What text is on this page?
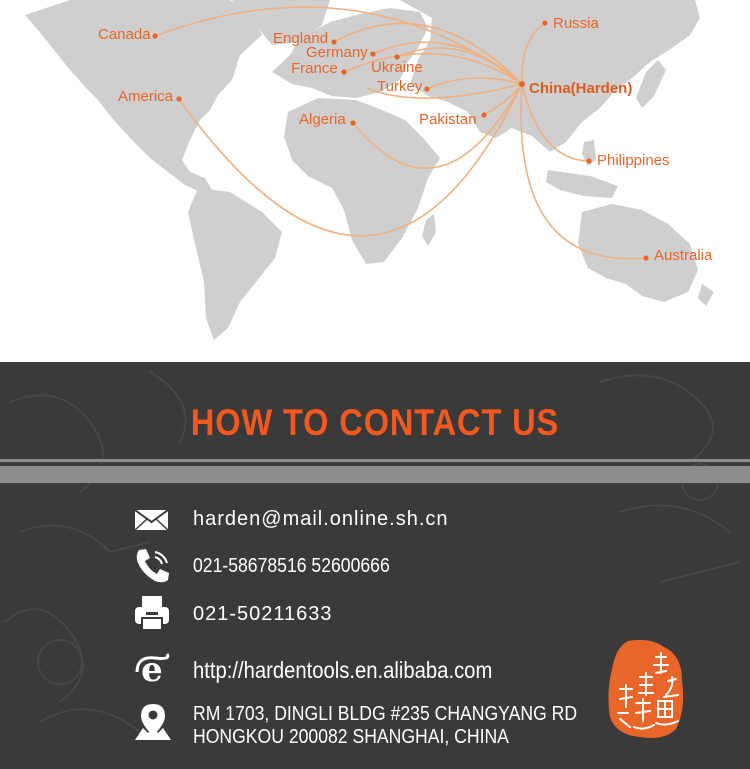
Canada
America
England
Germany
France Ukraine
Turkey
Algeria	Pakistan
Russia
Philippines
Australia
China(Harden)
HOW TO CONTACT US
harden@mail.online.sh.cn
021-58678516 52600666
021-50211633
e http://hardentools.en.alibaba.com
RM 1703, DINGLI BLDG #235 CHANGYANG RD
HONGKOU 200082 SHANGHAI, CHINA
